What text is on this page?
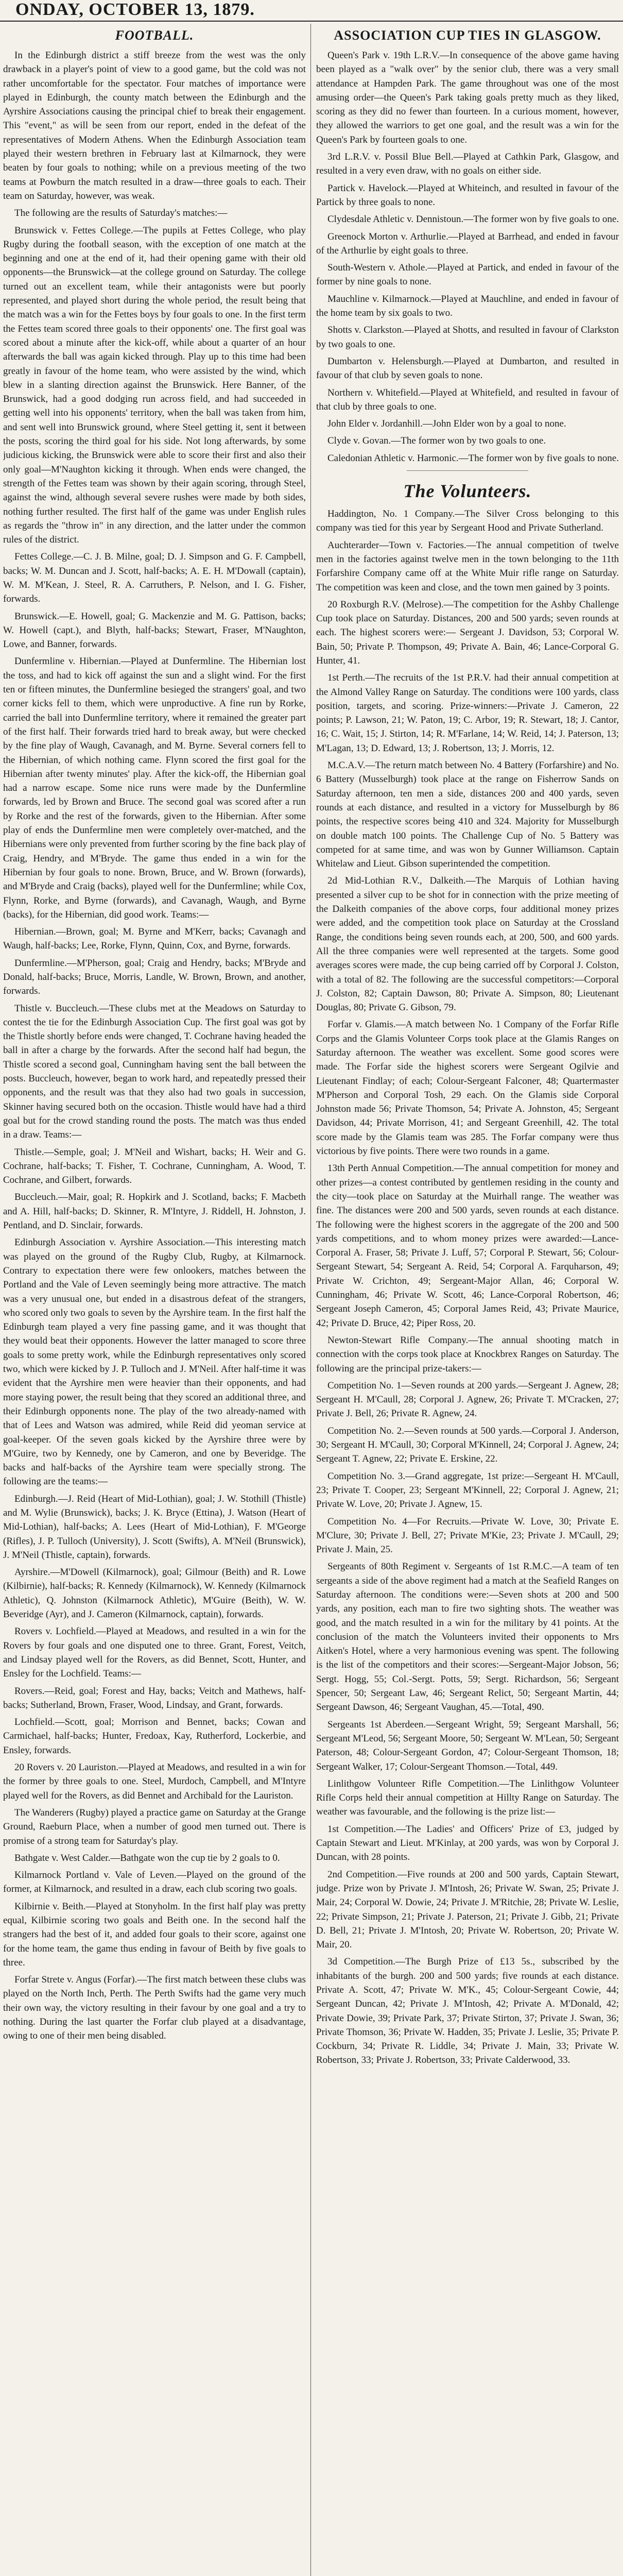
ONDAY, OCTOBER 13, 1879.
FOOTBALL.

In the Edinburgh district a stiff breeze from the west was the only drawback in a player's point of view to a good game, but the cold was not rather uncomfortable for the spectator. Four matches of importance were played in Edinburgh, the county match between the Edinburgh and the Ayrshire Associations causing the principal chief to break their engagement. This "event," as will be seen from our report, ended in the defeat of the representatives of Modern Athens. When the Edinburgh Association team played their western brethren in February last at Kilmarnock, they were beaten by four goals to nothing; while on a previous meeting of the two teams at Powburn the match resulted in a draw—three goals to each. Their team on Saturday, however, was weak.

The following are the results of Saturday's matches:—

Brunswick v. Fettes College.—The pupils at Fettes College, who play Rugby during the football season, with the exception of one match at the beginning and one at the end of it, had their opening game with their old opponents—the Brunswick—at the college ground on Saturday. The college turned out an excellent team, while their antagonists were but poorly represented, and played short during the whole period, the result being that the match was a win for the Fettes boys by four goals to one. In the first term the Fettes team scored three goals to their opponents' one. The first goal was scored about a minute after the kick-off, while about a quarter of an hour afterwards the ball was again kicked through. Play up to this time had been greatly in favour of the home team, who were assisted by the wind, which blew in a slanting direction against the Brunswick. Here Banner, of the Brunswick, had a good dodging run across field, and had succeeded in getting well into his opponents' territory, when the ball was taken from him, and sent well into Brunswick ground, where Steel getting it, sent it between the posts, scoring the third goal for his side. Not long afterwards, by some judicious kicking, the Brunswick were able to score their first and also their only goal—M'Naughton kicking it through. When ends were changed, the strength of the Fettes team was shown by their again scoring, through Steel, against the wind, although several severe rushes were made by both sides, nothing further resulted. The first half of the game was under English rules as regards the "throw in" in any direction, and the latter under the common rules of the district.

Fettes College.—C. J. B. Milne, goal; D. J. Simpson and G. F. Campbell, backs; W. M. Duncan and J. Scott, half-backs; A. E. H. M'Dowall (captain), W. M. M'Kean, J. Steel, R. A. Carruthers, P. Nelson, and I. G. Fisher, forwards.

Brunswick.—E. Howell, goal; G. Mackenzie and M. G. Pattison, backs; W. Howell (capt.), and Blyth, half-backs; Stewart, Fraser, M'Naughton, Lowe, and Banner, forwards.

Dunfermline v. Hibernian.—Played at Dunfermline. The Hibernian lost the toss, and had to kick off against the sun and a slight wind. For the first ten or fifteen minutes, the Dunfermline besieged the strangers' goal, and two corner kicks fell to them, which were unproductive. A fine run by Rorke, carried the ball into Dunfermline territory, where it remained the greater part of the first half. Their forwards tried hard to break away, but were checked by the fine play of Waugh, Cavanagh, and M. Byrne. Several corners fell to the Hibernian, of which nothing came. Flynn scored the first goal for the Hibernian after twenty minutes' play. After the kick-off, the Hibernian goal had a narrow escape. Some nice runs were made by the Dunfermline forwards, led by Brown and Bruce. The second goal was scored after a run by Rorke and the rest of the forwards, given to the Hibernian. After some play of ends the Dunfermline men were completely over-matched, and the Hibernians were only prevented from further scoring by the fine back play of Craig, Hendry, and M'Bryde. The game thus ended in a win for the Hibernian by four goals to none. Brown, Bruce, and W. Brown (forwards), and M'Bryde and Craig (backs), played well for the Dunfermline; while Cox, Flynn, Rorke, and Byrne (forwards), and Cavanagh, Waugh, and Byrne (backs), for the Hibernian, did good work. Teams:—

Hibernian.—Brown, goal; M. Byrne and M'Kerr, backs; Cavanagh and Waugh, half-backs; Lee, Rorke, Flynn, Quinn, Cox, and Byrne, forwards.

Dunfermline.—M'Pherson, goal; Craig and Hendry, backs; M'Bryde and Donald, half-backs; Bruce, Morris, Landle, W. Brown, Brown, and another, forwards.

Thistle v. Buccleuch.—These clubs met at the Meadows on Saturday to contest the tie for the Edinburgh Association Cup. The first goal was got by the Thistle shortly before ends were changed, T. Cochrane having headed the ball in after a charge by the forwards. After the second half had begun, the Thistle scored a second goal, Cunningham having sent the ball between the posts. Buccleuch, however, began to work hard, and repeatedly pressed their opponents, and the result was that they also had two goals in succession, Skinner having secured both on the occasion. Thistle would have had a third goal but for the crowd standing round the posts. The match was thus ended in a draw. Teams:—

Thistle.—Semple, goal; J. M'Neil and Wishart, backs; H. Weir and G. Cochrane, half-backs; T. Fisher, T. Cochrane, Cunningham, A. Wood, T. Cochrane, and Gilbert, forwards.

Buccleuch.—Mair, goal; R. Hopkirk and J. Scotland, backs; F. Macbeth and A. Hill, half-backs; D. Skinner, R. M'Intyre, J. Riddell, H. Johnston, J. Pentland, and D. Sinclair, forwards.

Edinburgh Association v. Ayrshire Association.—This interesting match was played on the ground of the Rugby Club, Rugby, at Kilmarnock. Contrary to expectation there were few onlookers, matches between the Portland and the Vale of Leven seemingly being more attractive. The match was a very unusual one, but ended in a disastrous defeat of the strangers, who scored only two goals to seven by the Ayrshire team. In the first half the Edinburgh team played a very fine passing game, and it was thought that they would beat their opponents. However the latter managed to score three goals to some pretty work, while the Edinburgh representatives only scored two, which were kicked by J. P. Tulloch and J. M'Neil. After half-time it was evident that the Ayrshire men were heavier than their opponents, and had more staying power, the result being that they scored an additional three, and their Edinburgh opponents none. The play of the two already-named with that of Lees and Watson was admired, while Reid did yeoman service at goal-keeper. Of the seven goals kicked by the Ayrshire three were by M'Guire, two by Kennedy, one by Cameron, and one by Beveridge. The backs and half-backs of the Ayrshire team were specially strong. The following are the teams:—

Edinburgh.—J. Reid (Heart of Mid-Lothian), goal; J. W. Stothill (Thistle) and M. Wylie (Brunswick), backs; J. K. Bryce (Ettina), J. Watson (Heart of Mid-Lothian), half-backs; A. Lees (Heart of Mid-Lothian), F. M'George (Rifles), J. P. Tulloch (University), J. Scott (Swifts), A. M'Neil (Brunswick), J. M'Neil (Thistle, captain), forwards.

Ayrshire.—M'Dowell (Kilmarnock), goal; Gilmour (Beith) and R. Lowe (Kilbirnie), half-backs; R. Kennedy (Kilmarnock), W. Kennedy (Kilmarnock Athletic), Q. Johnston (Kilmarnock Athletic), M'Guire (Beith), W. W. Beveridge (Ayr), and J. Cameron (Kilmarnock, captain), forwards.

Rovers v. Lochfield.—Played at Meadows, and resulted in a win for the Rovers by four goals and one disputed one to three. Grant, Forest, Veitch, and Lindsay played well for the Rovers, as did Bennet, Scott, Hunter, and Ensley for the Lochfield. Teams:—

Rovers.—Reid, goal; Forest and Hay, backs; Veitch and Mathews, half-backs; Sutherland, Brown, Fraser, Wood, Lindsay, and Grant, forwards.

Lochfield.—Scott, goal; Morrison and Bennet, backs; Cowan and Carmichael, half-backs; Hunter, Fredoax, Kay, Rutherford, Lockerbie, and Ensley, forwards.

20 Rovers v. 20 Lauriston.—Played at Meadows, and resulted in a win for the former by three goals to one. Steel, Murdoch, Campbell, and M'Intyre played well for the Rovers, as did Bennet and Archibald for the Lauriston.

The Wanderers (Rugby) played a practice game on Saturday at the Grange Ground, Raeburn Place, when a number of good men turned out. There is promise of a strong team for Saturday's play.

Bathgate v. West Calder.—Bathgate won the cup tie by 2 goals to 0.

Kilmarnock Portland v. Vale of Leven.—Played on the ground of the former, at Kilmarnock, and resulted in a draw, each club scoring two goals.

Kilbirnie v. Beith.—Played at Stonyholm. In the first half play was pretty equal, Kilbirnie scoring two goals and Beith one. In the second half the strangers had the best of it, and added four goals to their score, against one for the home team, the game thus ending in favour of Beith by five goals to three.

Forfar Strete v. Angus (Forfar).—The first match between these clubs was played on the North Inch, Perth. The Perth Swifts had the game very much their own way, the victory resulting in their favour by one goal and a try to nothing. During the last quarter the Forfar club played at a disadvantage, owing to one of their men being disabled.

ASSOCIATION CUP TIES IN GLASGOW.

Queen's Park v. 19th L.R.V.—In consequence of the above game having been played as a "walk over" by the senior club, there was a very small attendance at Hampden Park. The game throughout was one of the most amusing order—the Queen's Park taking goals pretty much as they liked, scoring as they did no fewer than fourteen. In a curious moment, however, they allowed the warriors to get one goal, and the result was a win for the Queen's Park by fourteen goals to one.

3rd L.R.V. v. Possil Blue Bell.—Played at Cathkin Park, Glasgow, and resulted in a very even draw, with no goals on either side.

Partick v. Havelock.—Played at Whiteinch, and resulted in favour of the Partick by three goals to none.

Clydesdale Athletic v. Dennistoun.—The former won by five goals to one.

Greenock Morton v. Arthurlie.—Played at Barrhead, and ended in favour of the Arthurlie by eight goals to three.

South-Western v. Athole.—Played at Partick, and ended in favour of the former by nine goals to none.

Mauchline v. Kilmarnock.—Played at Mauchline, and ended in favour of the home team by six goals to two.

Shotts v. Clarkston.—Played at Shotts, and resulted in favour of Clarkston by two goals to one.

Dumbarton v. Helensburgh.—Played at Dumbarton, and resulted in favour of that club by seven goals to none.

Northern v. Whitefield.—Played at Whitefield, and resulted in favour of that club by three goals to one.

John Elder v. Jordanhill.—John Elder won by a goal to none.

Clyde v. Govan.—The former won by two goals to one.

Caledonian Athletic v. Harmonic.—The former won by five goals to none.

The Volunteers.

Haddington, No. 1 Company.—The Silver Cross belonging to this company was tied for this year by Sergeant Hood and Private Sutherland.

Auchterarder—Town v. Factories.—The annual competition of twelve men in the factories against twelve men in the town belonging to the 11th Forfarshire Company came off at the White Muir rifle range on Saturday. The competition was keen and close, and the town men gained by 3 points.

20 Roxburgh R.V. (Melrose).—The competition for the Ashby Challenge Cup took place on Saturday. Distances, 200 and 500 yards; seven rounds at each. The highest scorers were:— Sergeant J. Davidson, 53; Corporal W. Bain, 50; Private P. Thompson, 49; Private A. Bain, 46; Lance-Corporal G. Hunter, 41.

1st Perth.—The recruits of the 1st P.R.V. had their annual competition at the Almond Valley Range on Saturday. The conditions were 100 yards, class position, targets, and scoring. Prize-winners:—Private J. Cameron, 22 points; P. Lawson, 21; W. Paton, 19; C. Arbor, 19; R. Stewart, 18; J. Cantor, 16; C. Wait, 15; J. Stirton, 14; R. M'Farlane, 14; W. Reid, 14; J. Paterson, 13; M'Lagan, 13; D. Edward, 13; J. Robertson, 13; J. Morris, 12.

M.C.A.V.—The return match between No. 4 Battery (Forfarshire) and No. 6 Battery (Musselburgh) took place at the range on Fisherrow Sands on Saturday afternoon, ten men a side, distances 200 and 400 yards, seven rounds at each distance, and resulted in a victory for Musselburgh by 86 points, the respective scores being 410 and 324. Majority for Musselburgh on double match 100 points. The Challenge Cup of No. 5 Battery was competed for at same time, and was won by Gunner Williamson. Captain Whitelaw and Lieut. Gibson superintended the competition.

2d Mid-Lothian R.V., Dalkeith.—The Marquis of Lothian having presented a silver cup to be shot for in connection with the prize meeting of the Dalkeith companies of the above corps, four additional money prizes were added, and the competition took place on Saturday at the Crossland Range, the conditions being seven rounds each, at 200, 500, and 600 yards. All the three companies were well represented at the targets. Some good averages scores were made, the cup being carried off by Corporal J. Colston, with a total of 82. The following are the successful competitors:—Corporal J. Colston, 82; Captain Dawson, 80; Private A. Simpson, 80; Lieutenant Douglas, 80; Private G. Gibson, 79.

Forfar v. Glamis.—A match between No. 1 Company of the Forfar Rifle Corps and the Glamis Volunteer Corps took place at the Glamis Ranges on Saturday afternoon. The weather was excellent. Some good scores were made. The Forfar side the highest scorers were Sergeant Ogilvie and Lieutenant Findlay; of each; Colour-Sergeant Falconer, 48; Quartermaster M'Pherson and Corporal Tosh, 29 each. On the Glamis side Corporal Johnston made 56; Private Thomson, 54; Private A. Johnston, 45; Sergeant Davidson, 44; Private Morrison, 41; and Sergeant Greenhill, 42. The total score made by the Glamis team was 285. The Forfar company were thus victorious by five points. There were two rounds in a game.

13th Perth Annual Competition.—The annual competition for money and other prizes—a contest contributed by gentlemen residing in the county and the city—took place on Saturday at the Muirhall range. The weather was fine. The distances were 200 and 500 yards, seven rounds at each distance. The following were the highest scorers in the aggregate of the 200 and 500 yards competitions, and to whom money prizes were awarded:—Lance-Corporal A. Fraser, 58; Private J. Luff, 57; Corporal P. Stewart, 56; Colour-Sergeant Stewart, 54; Sergeant A. Reid, 54; Corporal A. Farquharson, 49; Private W. Crichton, 49; Sergeant-Major Allan, 46; Corporal W. Cunningham, 46; Private W. Scott, 46; Lance-Corporal Robertson, 46; Sergeant Joseph Cameron, 45; Corporal James Reid, 43; Private Maurice, 42; Private D. Bruce, 42; Piper Ross, 20.

Newton-Stewart Rifle Company.—The annual shooting match in connection with the corps took place at Knockbrex Ranges on Saturday. The following are the principal prize-takers:—

Competition No. 1—Seven rounds at 200 yards.—Sergeant J. Agnew, 28; Sergeant H. M'Caull, 28; Corporal J. Agnew, 26; Private T. M'Cracken, 27; Private J. Bell, 26; Private R. Agnew, 24.

Competition No. 2.—Seven rounds at 500 yards.—Corporal J. Anderson, 30; Sergeant H. M'Caull, 30; Corporal M'Kinnell, 24; Corporal J. Agnew, 24; Sergeant T. Agnew, 22; Private E. Erskine, 22.

Competition No. 3.—Grand aggregate, 1st prize:—Sergeant H. M'Caull, 23; Private T. Cooper, 23; Sergeant M'Kinnell, 22; Corporal J. Agnew, 21; Private W. Love, 20; Private J. Agnew, 15.

Competition No. 4—For Recruits.—Private W. Love, 30; Private E. M'Clure, 30; Private J. Bell, 27; Private M'Kie, 23; Private J. M'Caull, 29; Private J. Main, 25.

Sergeants of 80th Regiment v. Sergeants of 1st R.M.C.—A team of ten sergeants a side of the above regiment had a match at the Seafield Ranges on Saturday afternoon. The conditions were:—Seven shots at 200 and 500 yards, any position, each man to fire two sighting shots. The weather was good, and the match resulted in a win for the military by 41 points. At the conclusion of the match the Volunteers invited their opponents to Mrs Aitken's Hotel, where a very harmonious evening was spent. The following is the list of the competitors and their scores:—Sergeant-Major Jobson, 56; Sergt. Hogg, 55; Col.-Sergt. Potts, 59; Sergt. Richardson, 56; Sergeant Spencer, 50; Sergeant Law, 46; Sergeant Relict, 50; Sergeant Martin, 44; Sergeant Dawson, 46; Sergeant Vaughan, 45.—Total, 490.

Sergeants 1st Aberdeen.—Sergeant Wright, 59; Sergeant Marshall, 56; Sergeant M'Leod, 56; Sergeant Moore, 50; Sergeant W. M'Lean, 50; Sergeant Paterson, 48; Colour-Sergeant Gordon, 47; Colour-Sergeant Thomson, 18; Sergeant Walker, 17; Colour-Sergeant Thomson.—Total, 449.

Linlithgow Volunteer Rifle Competition.—The Linlithgow Volunteer Rifle Corps held their annual competition at Hillty Range on Saturday. The weather was favourable, and the following is the prize list:—

1st Competition.—The Ladies' and Officers' Prize of £3, judged by Captain Stewart and Lieut. M'Kinlay, at 200 yards, was won by Corporal J. Duncan, with 28 points.

2nd Competition.—Five rounds at 200 and 500 yards, Captain Stewart, judge. Prize won by Private J. M'Intosh, 26; Private W. Swan, 25; Private J. Mair, 24; Corporal W. Dowie, 24; Private J. M'Ritchie, 28; Private W. Leslie, 22; Private Simpson, 21; Private J. Paterson, 21; Private J. Gibb, 21; Private D. Bell, 21; Private J. M'Intosh, 20; Private W. Robertson, 20; Private W. Mair, 20.

3d Competition.—The Burgh Prize of £13 5s., subscribed by the inhabitants of the burgh. 200 and 500 yards; five rounds at each distance. Private A. Scott, 47; Private W. M'K., 45; Colour-Sergeant Cowie, 44; Sergeant Duncan, 42; Private J. M'Intosh, 42; Private A. M'Donald, 42; Private Dowie, 39; Private Park, 37; Private Stirton, 37; Private J. Swan, 36; Private Thomson, 36; Private W. Hadden, 35; Private J. Leslie, 35; Private P. Cockburn, 34; Private R. Liddle, 34; Private J. Main, 33; Private W. Robertson, 33; Private J. Robertson, 33; Private Calderwood, 33.
